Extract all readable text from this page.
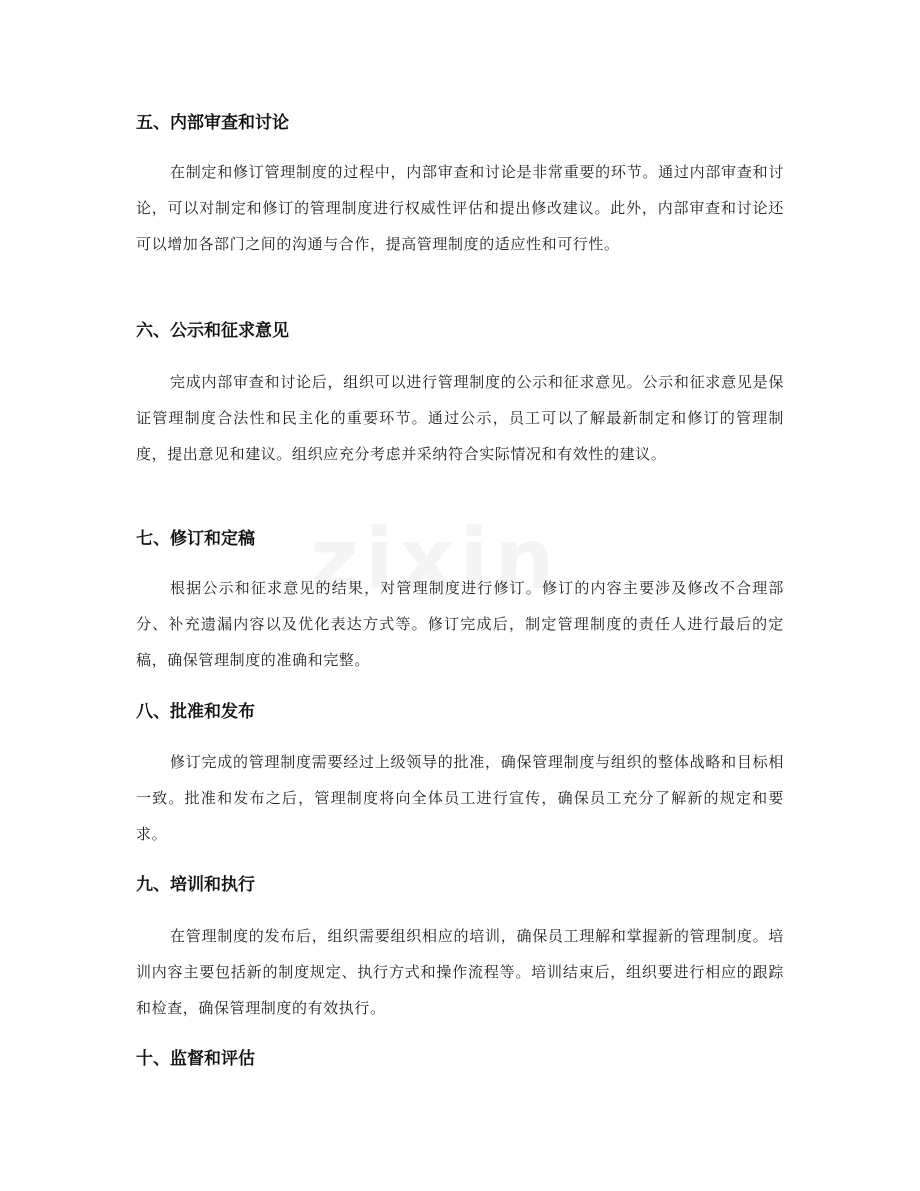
五、内部审查和讨论

在制定和修订管理制度的过程中，内部审查和讨论是非常重要的环节。通过内部审查和讨论，可以对制定和修订的管理制度进行权威性评估和提出修改建议。此外，内部审查和讨论还可以增加各部门之间的沟通与合作，提高管理制度的适应性和可行性。

六、公示和征求意见

完成内部审查和讨论后，组织可以进行管理制度的公示和征求意见。公示和征求意见是保证管理制度合法性和民主化的重要环节。通过公示，员工可以了解最新制定和修订的管理制度，提出意见和建议。组织应充分考虑并采纳符合实际情况和有效性的建议。

七、修订和定稿

根据公示和征求意见的结果，对管理制度进行修订。修订的内容主要涉及修改不合理部分、补充遗漏内容以及优化表达方式等。修订完成后，制定管理制度的责任人进行最后的定稿，确保管理制度的准确和完整。

八、批准和发布

修订完成的管理制度需要经过上级领导的批准，确保管理制度与组织的整体战略和目标相一致。批准和发布之后，管理制度将向全体员工进行宣传，确保员工充分了解新的规定和要求。

九、培训和执行

在管理制度的发布后，组织需要组织相应的培训，确保员工理解和掌握新的管理制度。培训内容主要包括新的制度规定、执行方式和操作流程等。培训结束后，组织要进行相应的跟踪和检查，确保管理制度的有效执行。

十、监督和评估
